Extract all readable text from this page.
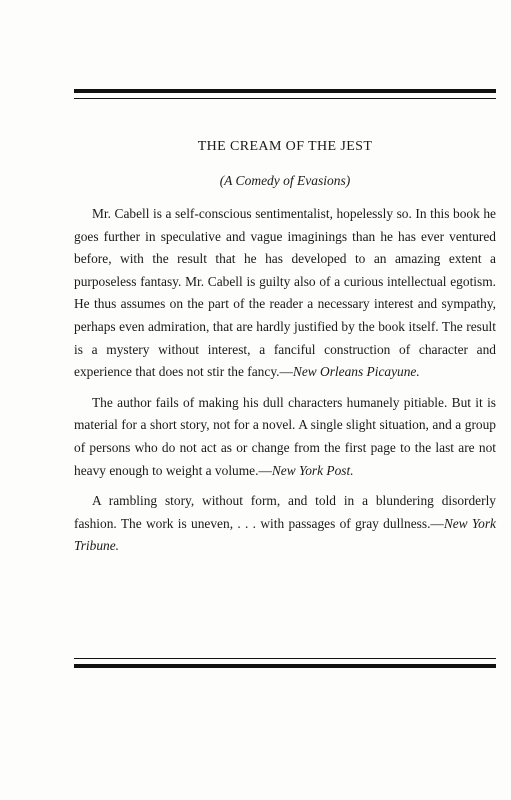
THE CREAM OF THE JEST
(A Comedy of Evasions)

Mr. Cabell is a self-conscious sentimentalist, hopelessly so. In this book he goes further in speculative and vague imaginings than he has ever ventured before, with the result that he has developed to an amazing extent a purposeless fantasy. Mr. Cabell is guilty also of a curious intellectual egotism. He thus assumes on the part of the reader a necessary interest and sympathy, perhaps even admiration, that are hardly justified by the book itself. The result is a mystery without interest, a fanciful construction of character and experience that does not stir the fancy.—New Orleans Picayune.

The author fails of making his dull characters humanely pitiable. But it is material for a short story, not for a novel. A single slight situation, and a group of persons who do not act as or change from the first page to the last are not heavy enough to weight a volume.—New York Post.

A rambling story, without form, and told in a blundering disorderly fashion. The work is uneven, . . . with passages of gray dullness.—New York Tribune.
